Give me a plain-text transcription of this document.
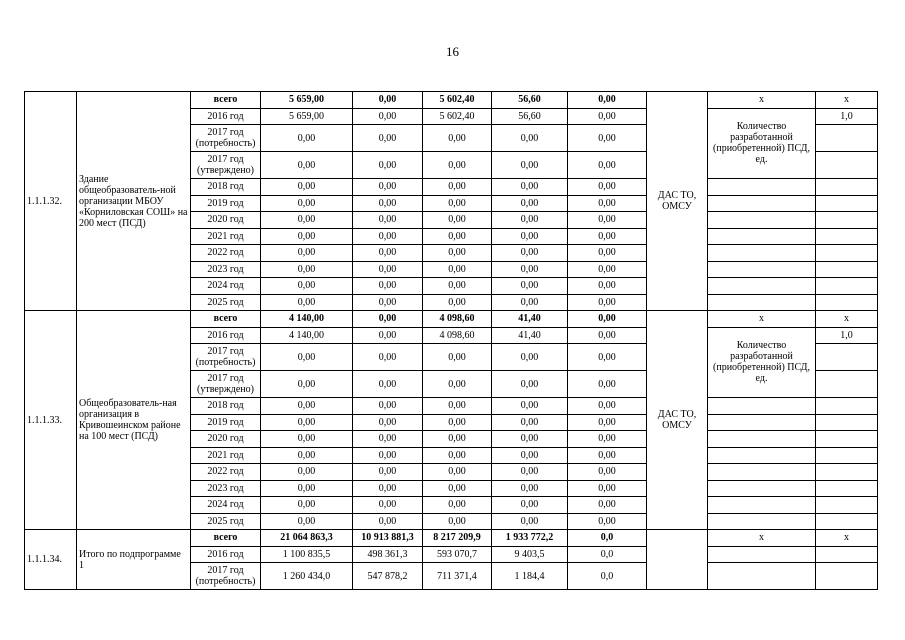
16
1.1.1.32.	Здание общеобразователь-ной организации МБОУ «Корниловская СОШ» на 200 мест (ПСД)	всего	5 659,00	0,00	5 602,40	56,60	0,00	ДАС ТО, ОМСУ	x	x
		2016 год	5 659,00	0,00	5 602,40	56,60	0,00		Количество разработанной (приобретенной) ПСД, ед.	1,0
		2017 год (потребность)	0,00	0,00	0,00	0,00	0,00			
		2017 год (утверждено)	0,00	0,00	0,00	0,00	0,00			
		2018 год	0,00	0,00	0,00	0,00	0,00			
		2019 год	0,00	0,00	0,00	0,00	0,00			
		2020 год	0,00	0,00	0,00	0,00	0,00			
		2021 год	0,00	0,00	0,00	0,00	0,00			
		2022 год	0,00	0,00	0,00	0,00	0,00			
		2023 год	0,00	0,00	0,00	0,00	0,00			
		2024 год	0,00	0,00	0,00	0,00	0,00			
		2025 год	0,00	0,00	0,00	0,00	0,00			
1.1.1.33.	Общеобразователь-ная организация в Кривошеинском районе на 100 мест (ПСД)	всего	4 140,00	0,00	4 098,60	41,40	0,00	ДАС ТО, ОМСУ	x	x
		2016 год	4 140,00	0,00	4 098,60	41,40	0,00		Количество разработанной (приобретенной) ПСД, ед.	1,0
		2017 год (потребность)	0,00	0,00	0,00	0,00	0,00			
		2017 год (утверждено)	0,00	0,00	0,00	0,00	0,00			
		2018 год	0,00	0,00	0,00	0,00	0,00			
		2019 год	0,00	0,00	0,00	0,00	0,00			
		2020 год	0,00	0,00	0,00	0,00	0,00			
		2021 год	0,00	0,00	0,00	0,00	0,00			
		2022 год	0,00	0,00	0,00	0,00	0,00			
		2023 год	0,00	0,00	0,00	0,00	0,00			
		2024 год	0,00	0,00	0,00	0,00	0,00			
		2025 год	0,00	0,00	0,00	0,00	0,00			
1.1.1.34.	Итого по подпрограмме 1	всего	21 064 863,3	10 913 881,3	8 217 209,9	1 933 772,2	0,0		x	x
		2016 год	1 100 835,5	498 361,3	593 070,7	9 403,5	0,0			
		2017 год (потребность)	1 260 434,0	547 878,2	711 371,4	1 184,4	0,0			
